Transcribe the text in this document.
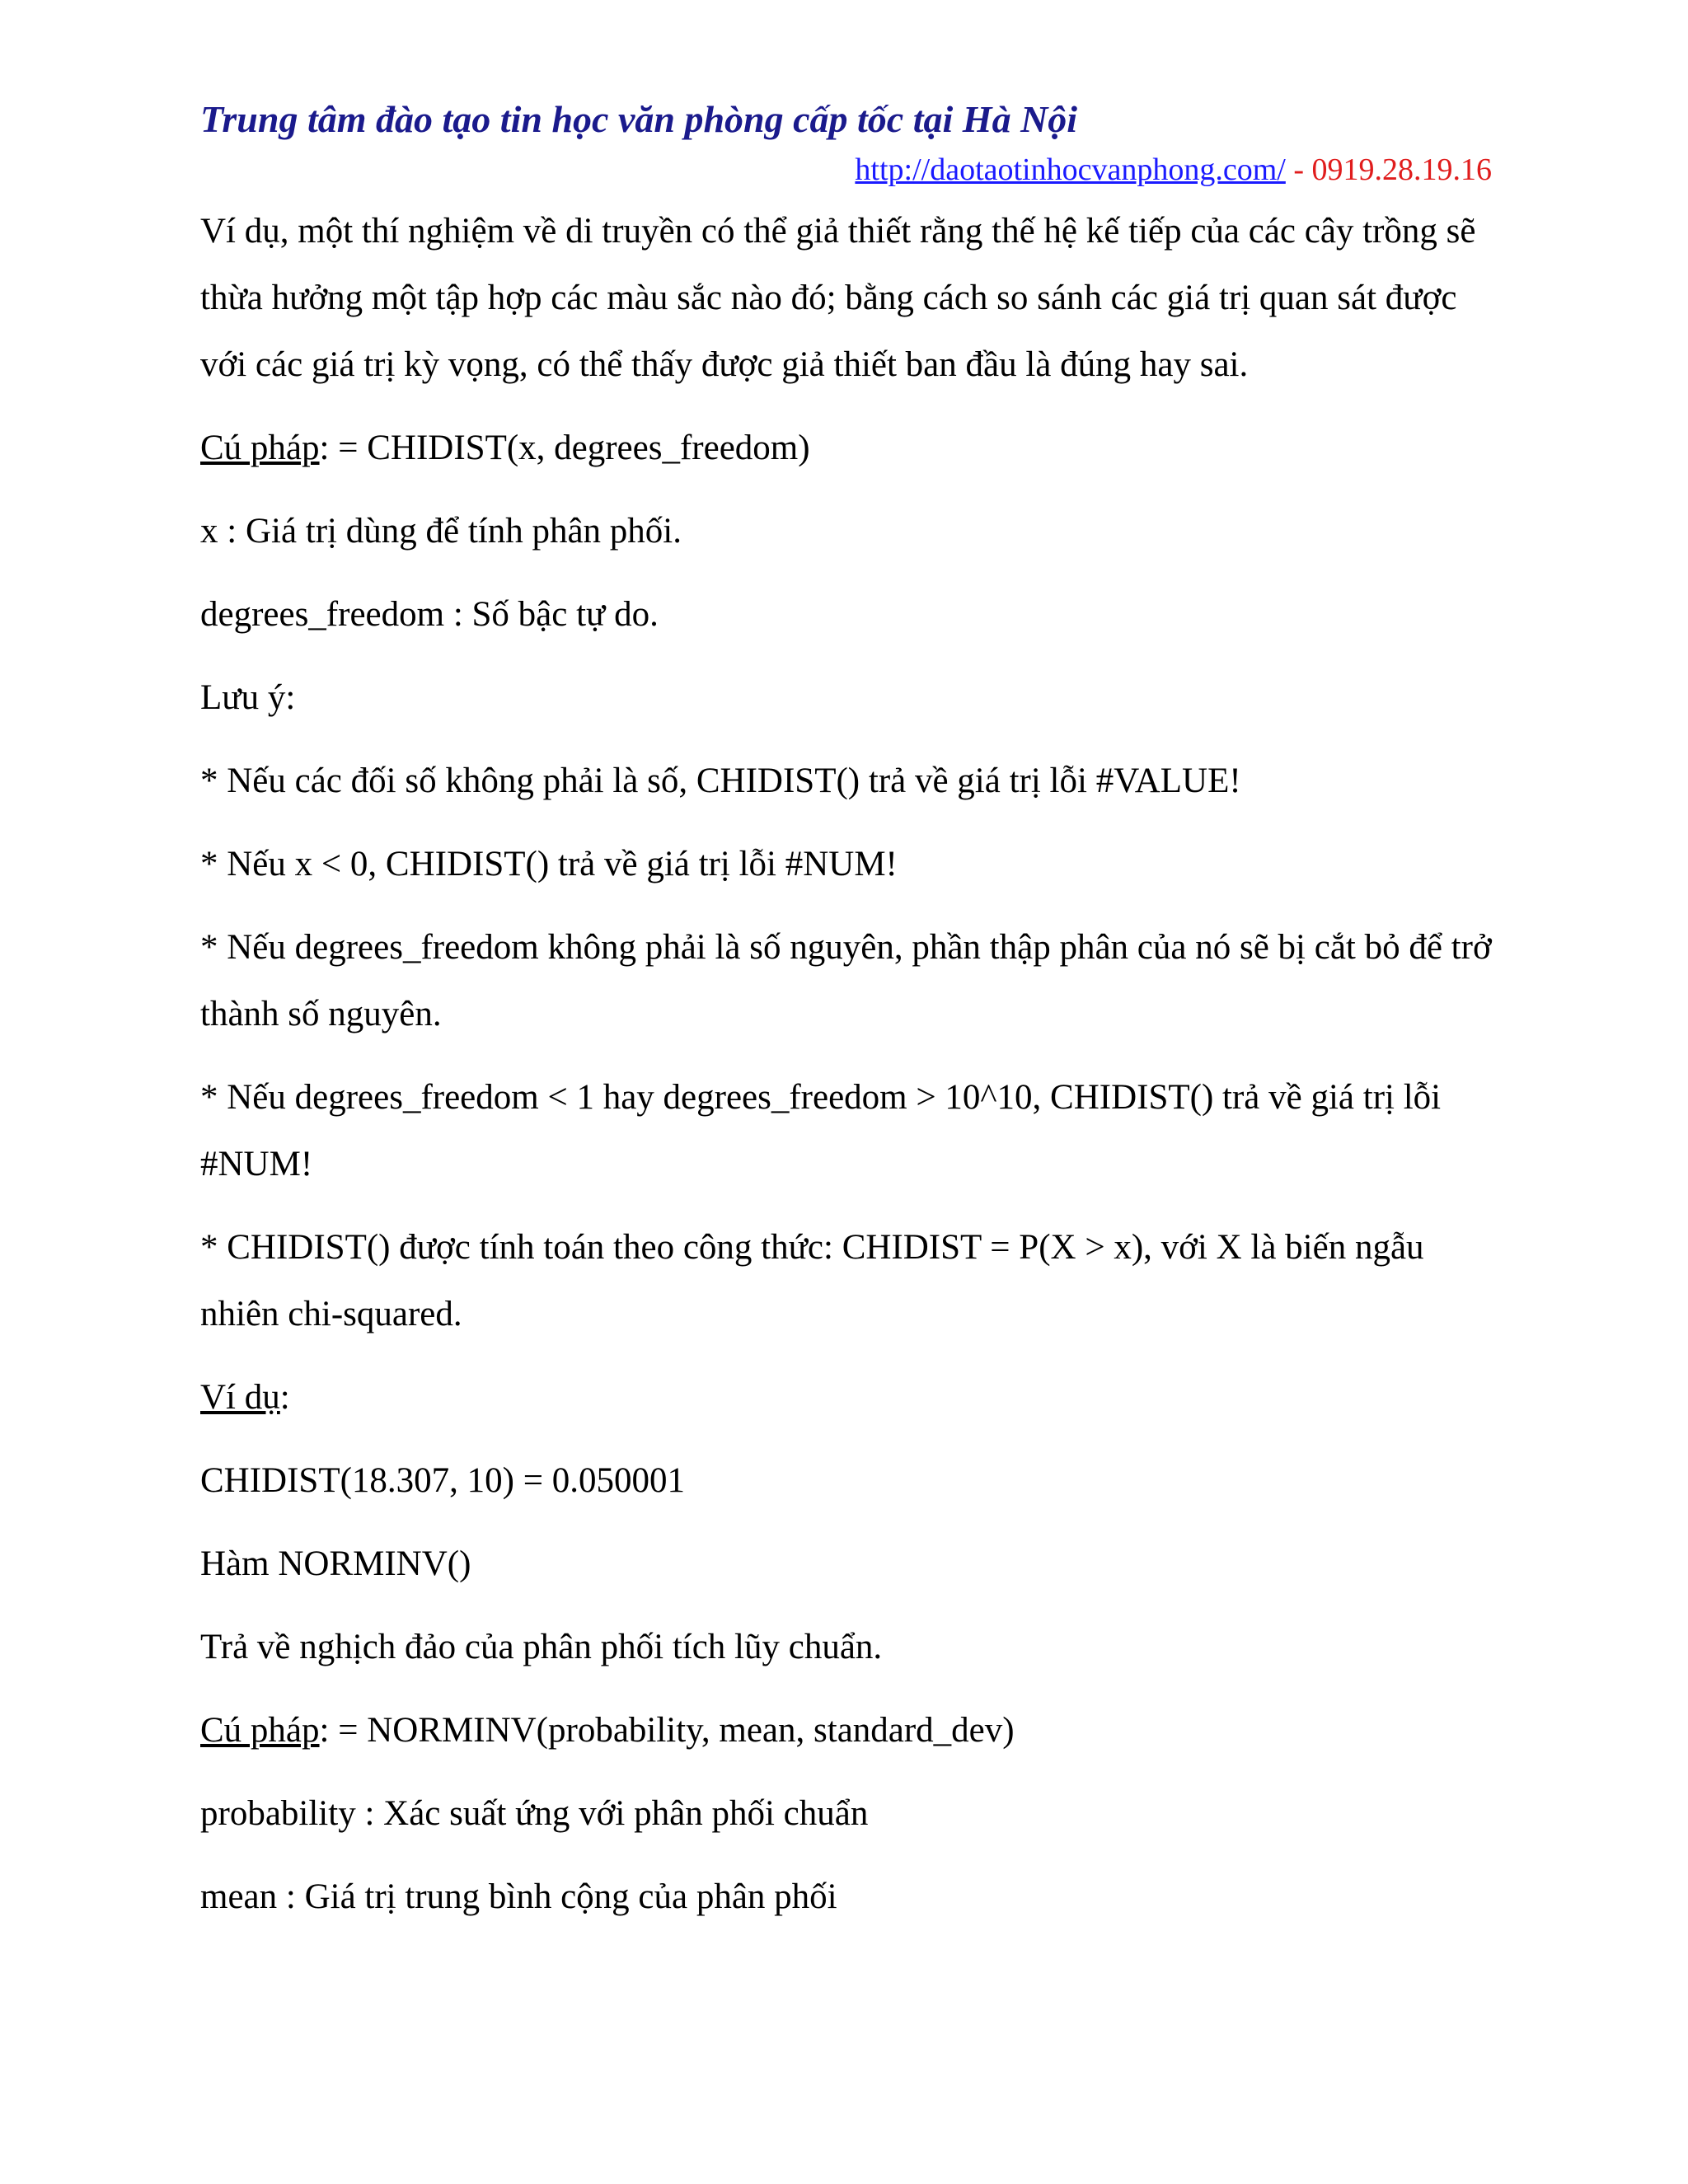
Trung tâm đào tạo tin học văn phòng cấp tốc tại Hà Nội
http://daotaotinhocvanphong.com/ - 0919.28.19.16

Ví dụ, một thí nghiệm về di truyền có thể giả thiết rằng thế hệ kế tiếp của các cây trồng sẽ thừa hưởng một tập hợp các màu sắc nào đó; bằng cách so sánh các giá trị quan sát được với các giá trị kỳ vọng, có thể thấy được giả thiết ban đầu là đúng hay sai.

Cú pháp: = CHIDIST(x, degrees_freedom)

x : Giá trị dùng để tính phân phối.

degrees_freedom : Số bậc tự do.

Lưu ý:

* Nếu các đối số không phải là số, CHIDIST() trả về giá trị lỗi #VALUE!

* Nếu x < 0, CHIDIST() trả về giá trị lỗi #NUM!

* Nếu degrees_freedom không phải là số nguyên, phần thập phân của nó sẽ bị cắt bỏ để trở thành số nguyên.

* Nếu degrees_freedom < 1 hay degrees_freedom > 10^10, CHIDIST() trả về giá trị lỗi #NUM!

* CHIDIST() được tính toán theo công thức: CHIDIST = P(X > x), với X là biến ngẫu nhiên chi-squared.

Ví dụ:

CHIDIST(18.307, 10) = 0.050001

Hàm NORMINV()

Trả về nghịch đảo của phân phối tích lũy chuẩn.

Cú pháp: = NORMINV(probability, mean, standard_dev)

probability : Xác suất ứng với phân phối chuẩn

mean : Giá trị trung bình cộng của phân phối
